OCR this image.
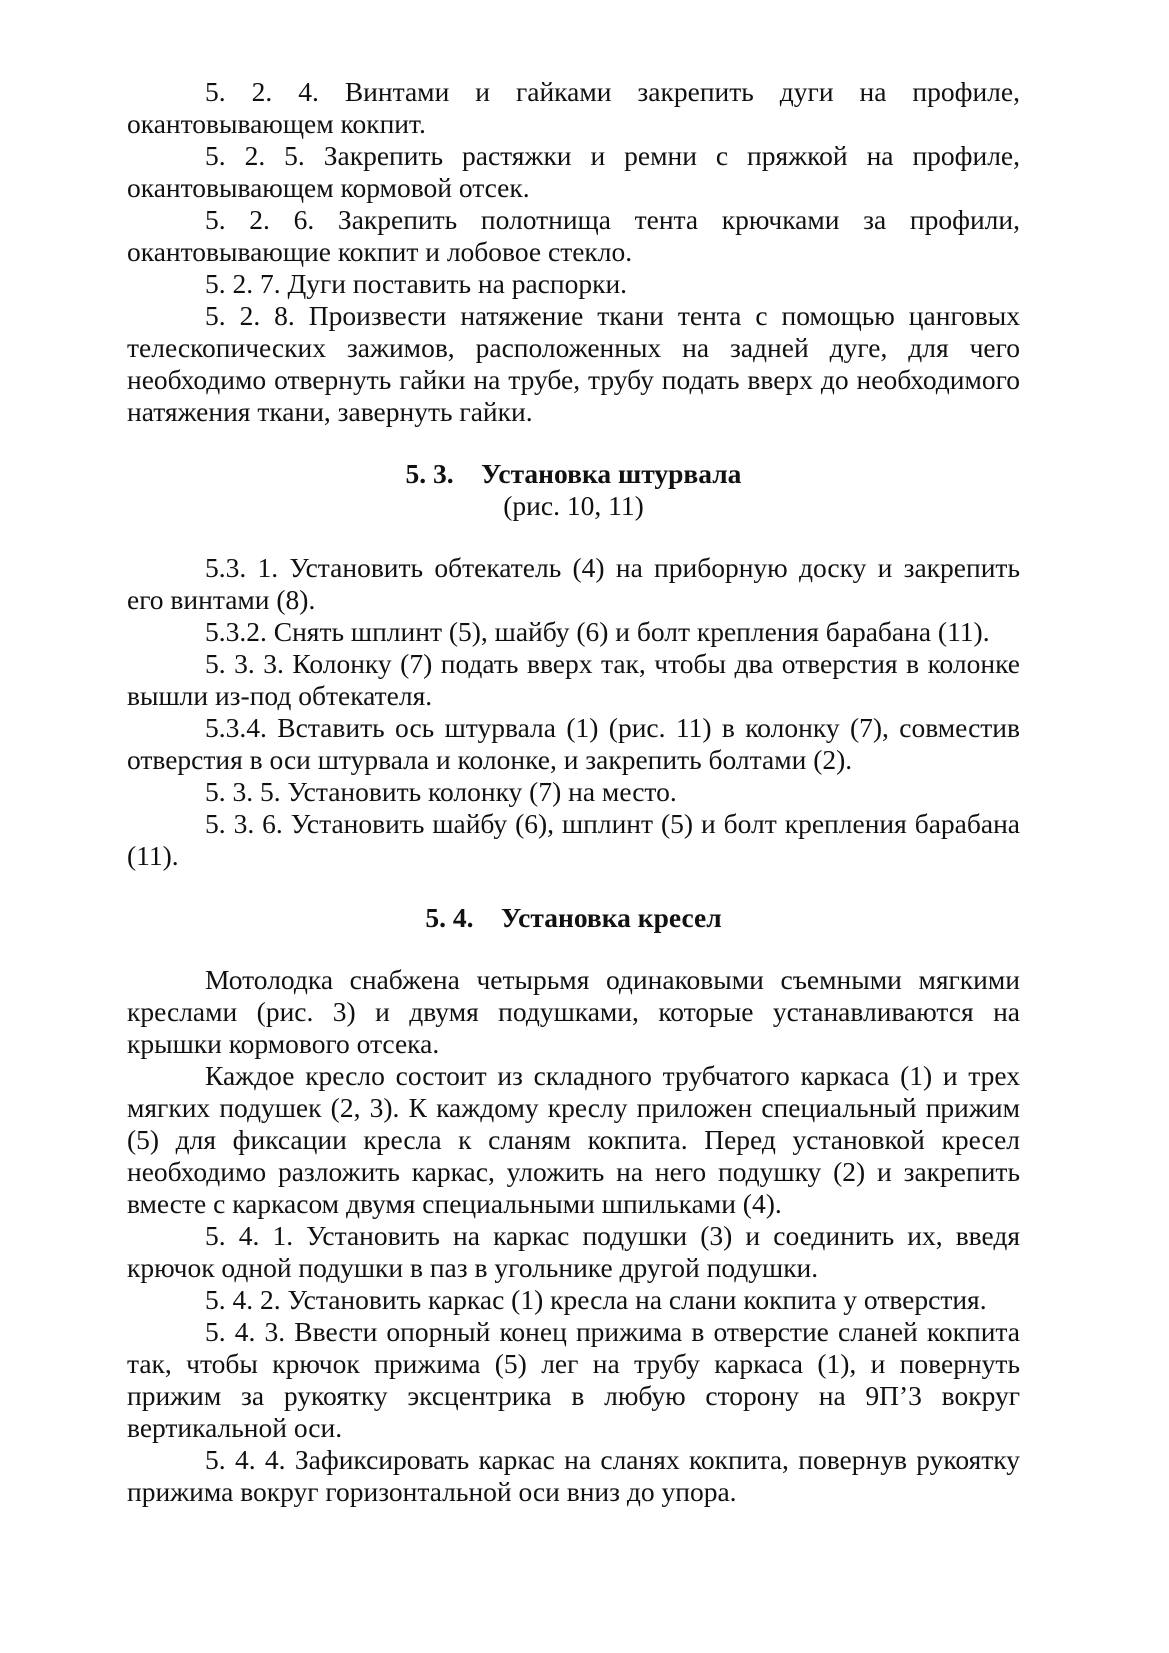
5. 2. 4. Винтами и гайками закрепить дуги на профиле, окантовывающем кокпит.

5. 2. 5. Закрепить растяжки и ремни с пряжкой на профиле, окантовывающем кормовой отсек.

5. 2. 6. Закрепить полотнища тента крючками за профили, окантовывающие кокпит и лобовое стекло.

5. 2. 7. Дуги поставить на распорки.

5. 2. 8. Произвести натяжение ткани тента с помощью цанговых телескопических зажимов, расположенных на задней дуге, для чего необходимо отвернуть гайки на трубе, трубу подать вверх до необходимого натяжения ткани, завернуть гайки.

5. 3.    Установка штурвала

(рис. 10, 11)

5.3. 1. Установить обтекатель (4) на приборную доску и закрепить его винтами (8).

5.3.2. Снять шплинт (5), шайбу (6) и болт крепления барабана (11).

5. 3. 3. Колонку (7) подать вверх так, чтобы два отверстия в колонке вышли из-под обтекателя.

5.3.4. Вставить ось штурвала (1) (рис. 11) в колонку (7), совместив отверстия в оси штурвала и колонке, и закрепить болтами (2).

5. 3. 5. Установить колонку (7) на место.

5. 3. 6. Установить шайбу (6), шплинт (5) и болт крепления барабана (11).

5. 4.    Установка кресел

Мотолодка снабжена четырьмя одинаковыми съемными мягкими креслами (рис. 3) и двумя подушками, которые устанавливаются на крышки кормового отсека.

Каждое кресло состоит из складного трубчатого каркаса (1) и трех мягких подушек (2, 3). К каждому креслу приложен специальный прижим (5) для фиксации кресла к сланям кокпита. Перед установкой кресел необходимо разложить каркас, уложить на него подушку (2) и закрепить вместе с каркасом двумя специальными шпильками (4).

5. 4. 1. Установить на каркас подушки (3) и соединить их, введя крючок одной подушки в паз в угольнике другой подушки.

5. 4. 2. Установить каркас (1) кресла на слани кокпита у отверстия.

5. 4. 3. Ввести опорный конец прижима в отверстие сланей кокпита так, чтобы крючок прижима (5) лег на трубу каркаса (1), и повернуть прижим за рукоятку эксцентрика в любую сторону на 9П’3 вокруг вертикальной оси.

5. 4. 4. Зафиксировать каркас на сланях кокпита, повернув рукоятку прижима вокруг горизонтальной оси вниз до упора.
